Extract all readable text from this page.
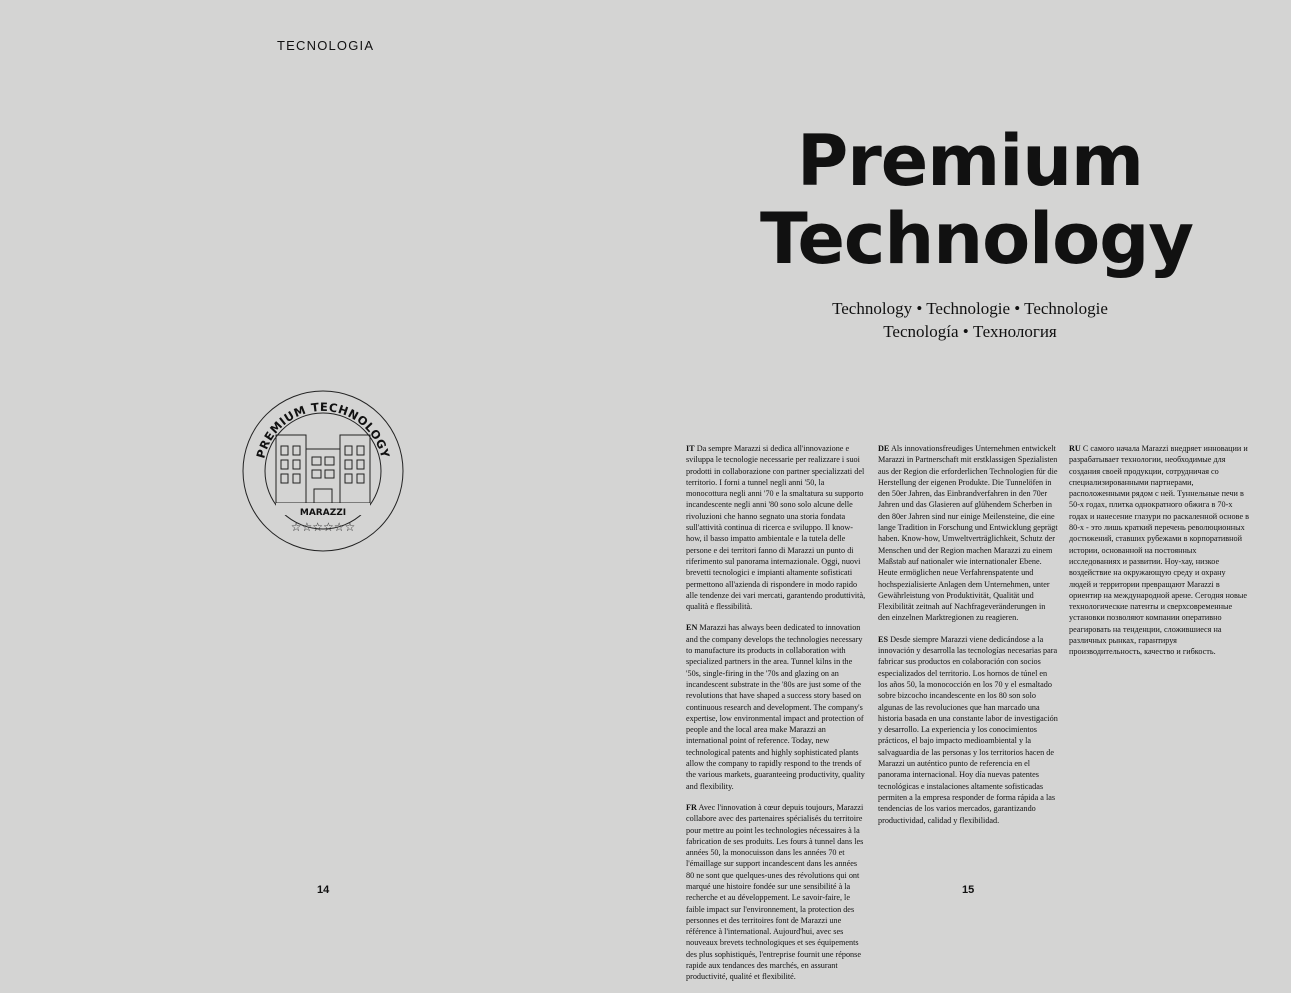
TECNOLOGIA
Premium
Technology
Technology • Technologie • Technologie
Tecnología • Технология
PREMIUM TECHNOLOGY
MARAZZI
☆☆☆☆☆☆

IT Da sempre Marazzi si dedica all'innovazione e sviluppa le tecnologie necessarie per realizzare i suoi prodotti in collaborazione con partner specializzati del territorio. I forni a tunnel negli anni '50, la monocottura negli anni '70 e la smaltatura su supporto incandescente negli anni '80 sono solo alcune delle rivoluzioni che hanno segnato una storia fondata sull'attività continua di ricerca e sviluppo. Il know-how, il basso impatto ambientale e la tutela delle persone e dei territori fanno di Marazzi un punto di riferimento sul panorama internazionale. Oggi, nuovi brevetti tecnologici e impianti altamente sofisticati permettono all'azienda di rispondere in modo rapido alle tendenze dei vari mercati, garantendo produttività, qualità e flessibilità.

EN Marazzi has always been dedicated to innovation and the company develops the technologies necessary to manufacture its products in collaboration with specialized partners in the area. Tunnel kilns in the '50s, single-firing in the '70s and glazing on an incandescent substrate in the '80s are just some of the revolutions that have shaped a success story based on continuous research and development. The company's expertise, low environmental impact and protection of people and the local area make Marazzi an international point of reference. Today, new technological patents and highly sophisticated plants allow the company to rapidly respond to the trends of the various markets, guaranteeing productivity, quality and flexibility.

FR Avec l'innovation à cœur depuis toujours, Marazzi collabore avec des partenaires spécialisés du territoire pour mettre au point les technologies nécessaires à la fabrication de ses produits. Les fours à tunnel dans les années 50, la monocuisson dans les années 70 et l'émaillage sur support incandescent dans les années 80 ne sont que quelques-unes des révolutions qui ont marqué une histoire fondée sur une sensibilité à la recherche et au développement. Le savoir-faire, le faible impact sur l'environnement, la protection des personnes et des territoires font de Marazzi une référence à l'international. Aujourd'hui, avec ses nouveaux brevets technologiques et ses équipements des plus sophistiqués, l'entreprise fournit une réponse rapide aux tendances des marchés, en assurant productivité, qualité et flexibilité.

DE Als innovationsfreudiges Unternehmen entwickelt Marazzi in Partnerschaft mit erstklassigen Spezialisten aus der Region die erforderlichen Technologien für die Herstellung der eigenen Produkte. Die Tunnelöfen in den 50er Jahren, das Einbrandverfahren in den 70er Jahren und das Glasieren auf glühendem Scherben in den 80er Jahren sind nur einige Meilensteine, die eine lange Tradition in Forschung und Entwicklung geprägt haben. Know-how, Umweltverträglichkeit, Schutz der Menschen und der Region machen Marazzi zu einem Maßstab auf nationaler wie internationaler Ebene. Heute ermöglichen neue Verfahrenspatente und hochspezialisierte Anlagen dem Unternehmen, unter Gewährleistung von Produktivität, Qualität und Flexibilität zeitnah auf Nachfrageveränderungen in den einzelnen Marktregionen zu reagieren.

ES Desde siempre Marazzi viene dedicándose a la innovación y desarrolla las tecnologías necesarias para fabricar sus productos en colaboración con socios especializados del territorio. Los hornos de túnel en los años 50, la monococción en los 70 y el esmaltado sobre bizcocho incandescente en los 80 son solo algunas de las revoluciones que han marcado una historia basada en una constante labor de investigación y desarrollo. La experiencia y los conocimientos prácticos, el bajo impacto medioambiental y la salvaguardia de las personas y los territorios hacen de Marazzi un auténtico punto de referencia en el panorama internacional. Hoy día nuevas patentes tecnológicas e instalaciones altamente sofisticadas permiten a la empresa responder de forma rápida a las tendencias de los varios mercados, garantizando productividad, calidad y flexibilidad.

RU С самого начала Marazzi внедряет инновации и разрабатывает технологии, необходимые для создания своей продукции, сотрудничая со специализированными партнерами, расположенными рядом с ней. Туннельные печи в 50-х годах, плитка однократного обжига в 70-х годах и нанесение глазури по раскаленной основе в 80-х - это лишь краткий перечень революционных достижений, ставших рубежами в корпоративной истории, основанной на постоянных исследованиях и развитии. Ноу-хау, низкое воздействие на окружающую среду и охрану людей и территории превращают Marazzi в ориентир на международной арене. Сегодня новые технологические патенты и сверхсовременные установки позволяют компании оперативно реагировать на тенденции, сложившиеся на различных рынках, гарантируя производительность, качество и гибкость.

14	15
